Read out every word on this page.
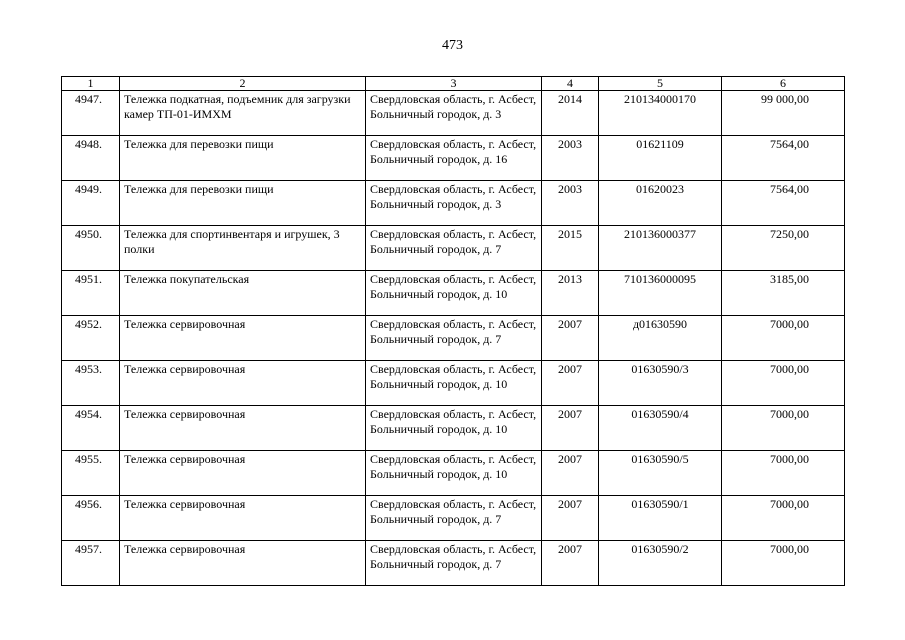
473
1	2	3	4	5	6
4947.	Тележка подкатная, подъемник для загрузки камер ТП-01-ИМХМ	Свердловская область, г. Асбест, Больничный городок, д. 3	2014	210134000170	99 000,00
4948.	Тележка для перевозки пищи	Свердловская область, г. Асбест, Больничный городок, д. 16	2003	01621109	7564,00
4949.	Тележка для перевозки пищи	Свердловская область, г. Асбест, Больничный городок, д. 3	2003	01620023	7564,00
4950.	Тележка для спортинвентаря и игрушек, 3 полки	Свердловская область, г. Асбест, Больничный городок, д. 7	2015	210136000377	7250,00
4951.	Тележка покупательская	Свердловская область, г. Асбест, Больничный городок, д. 10	2013	710136000095	3185,00
4952.	Тележка сервировочная	Свердловская область, г. Асбест, Больничный городок, д. 7	2007	д01630590	7000,00
4953.	Тележка сервировочная	Свердловская область, г. Асбест, Больничный городок, д. 10	2007	01630590/3	7000,00
4954.	Тележка сервировочная	Свердловская область, г. Асбест, Больничный городок, д. 10	2007	01630590/4	7000,00
4955.	Тележка сервировочная	Свердловская область, г. Асбест, Больничный городок, д. 10	2007	01630590/5	7000,00
4956.	Тележка сервировочная	Свердловская область, г. Асбест, Больничный городок, д. 7	2007	01630590/1	7000,00
4957.	Тележка сервировочная	Свердловская область, г. Асбест, Больничный городок, д. 7	2007	01630590/2	7000,00
